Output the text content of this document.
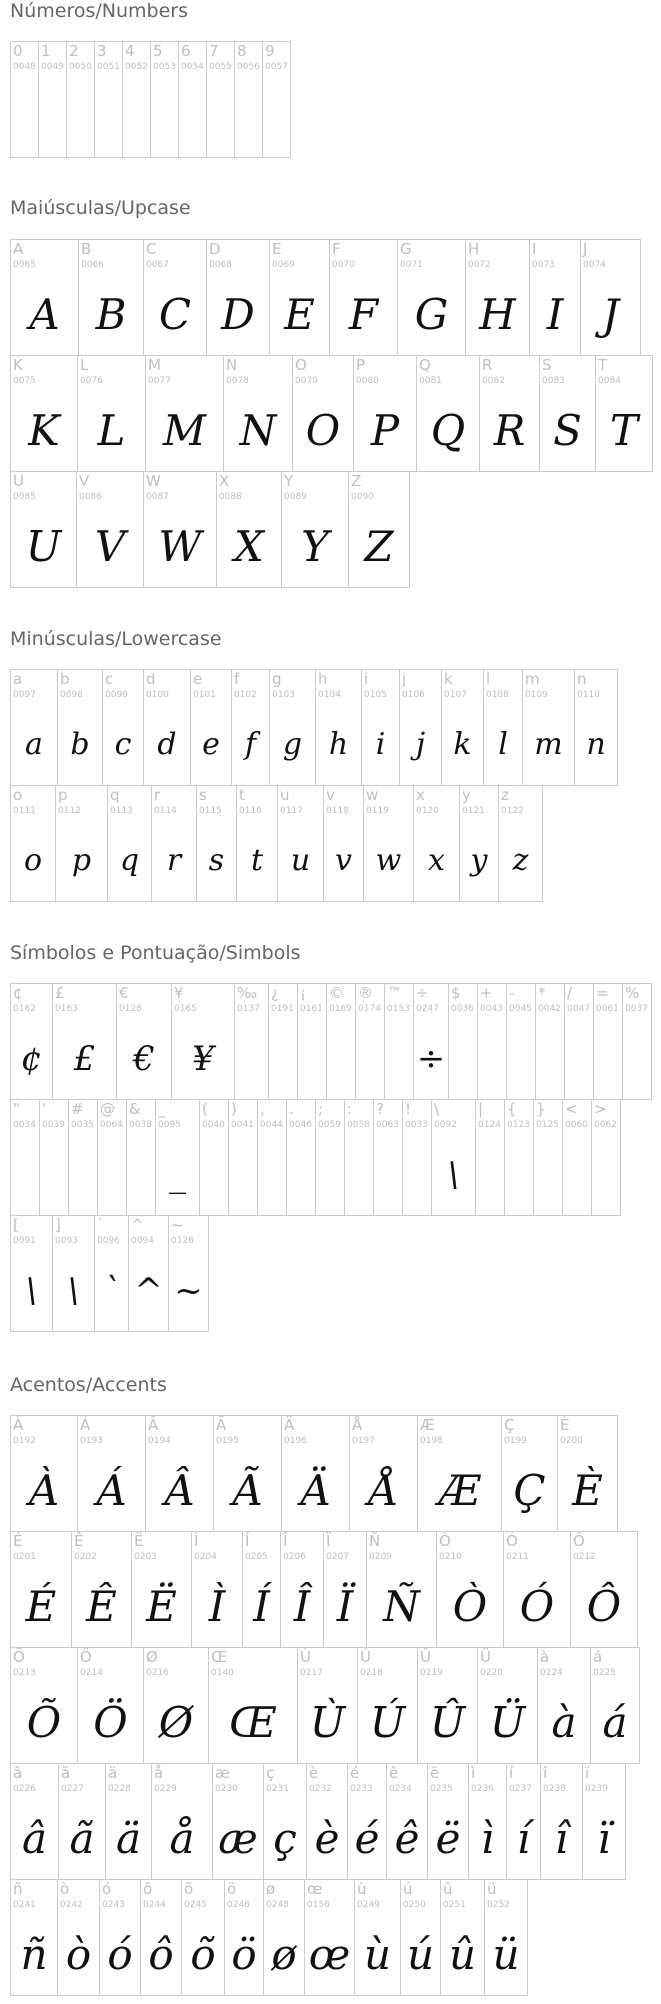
Números/Numbers
0
0048
1
0049
2
0050
3
0051
4
0052
5
0053
6
0054
7
0055
8
0056
9
0057
Maiúsculas/Upcase
A
0065
A
B
0066
B
C
0067
C
D
0068
D
E
0069
E
F
0070
F
G
0071
G
H
0072
H
I
0073
I
J
0074
J
K
0075
K
L
0076
L
M
0077
M
N
0078
N
O
0079
O
P
0080
P
Q
0081
Q
R
0082
R
S
0083
S
T
0084
T
U
0085
U
V
0086
V
W
0087
W
X
0088
X
Y
0089
Y
Z
0090
Z
Minúsculas/Lowercase
a
0097
a
b
0098
b
c
0099
c
d
0100
d
e
0101
e
f
0102
f
g
0103
g
h
0104
h
i
0105
i
j
0106
j
k
0107
k
l
0108
l
m
0109
m
n
0110
n
o
0111
o
p
0112
p
q
0113
q
r
0114
r
s
0115
s
t
0116
t
u
0117
u
v
0118
v
w
0119
w
x
0120
x
y
0121
y
z
0122
z
Símbolos e Pontuação/Simbols
¢
0162
¢
£
0163
£
€
0128
€
¥
0165
¥
‰
0137
¿
0191
¡
0161
©
0169
®
0174
™
0153
÷
0247
÷
$
0036
+
0043
-
0045
*
0042
/
0047
=
0061
%
0037
"
0034
'
0039
#
0035
@
0064
&
0038
_
0095
_
(
0040
)
0041
,
0044
.
0046
;
0059
:
0058
?
0063
!
0033
\
0092
\
|
0124
{
0123
}
0125
<
0060
>
0062
[
0091
\
]
0093
\
`
0096
`
^
0094
^
~
0126
~
Acentos/Accents
À
0192
À
Á
0193
Á
Â
0194
Â
Ã
0195
Ã
Ä
0196
Ä
Å
0197
Å
Æ
0198
Æ
Ç
0199
Ç
È
0200
È
É
0201
É
Ê
0202
Ê
Ë
0203
Ë
Ì
0204
Ì
Í
0205
Í
Î
0206
Î
Ï
0207
Ï
Ñ
0209
Ñ
Ò
0210
Ò
Ó
0211
Ó
Ô
0212
Ô
Õ
0213
Õ
Ö
0214
Ö
Ø
0216
Ø
Œ
0140
Œ
Ù
0217
Ù
Ú
0218
Ú
Û
0219
Û
Ü
0220
Ü
à
0224
à
á
0225
á
â
0226
â
ã
0227
ã
ä
0228
ä
å
0229
å
æ
0230
æ
ç
0231
ç
è
0232
è
é
0233
é
ê
0234
ê
ë
0235
ë
ì
0236
ì
í
0237
í
î
0238
î
ï
0239
ï
ñ
0241
ñ
ò
0242
ò
ó
0243
ó
ô
0244
ô
õ
0245
õ
ö
0246
ö
ø
0248
ø
œ
0156
œ
ù
0249
ù
ú
0250
ú
û
0251
û
ü
0252
ü
